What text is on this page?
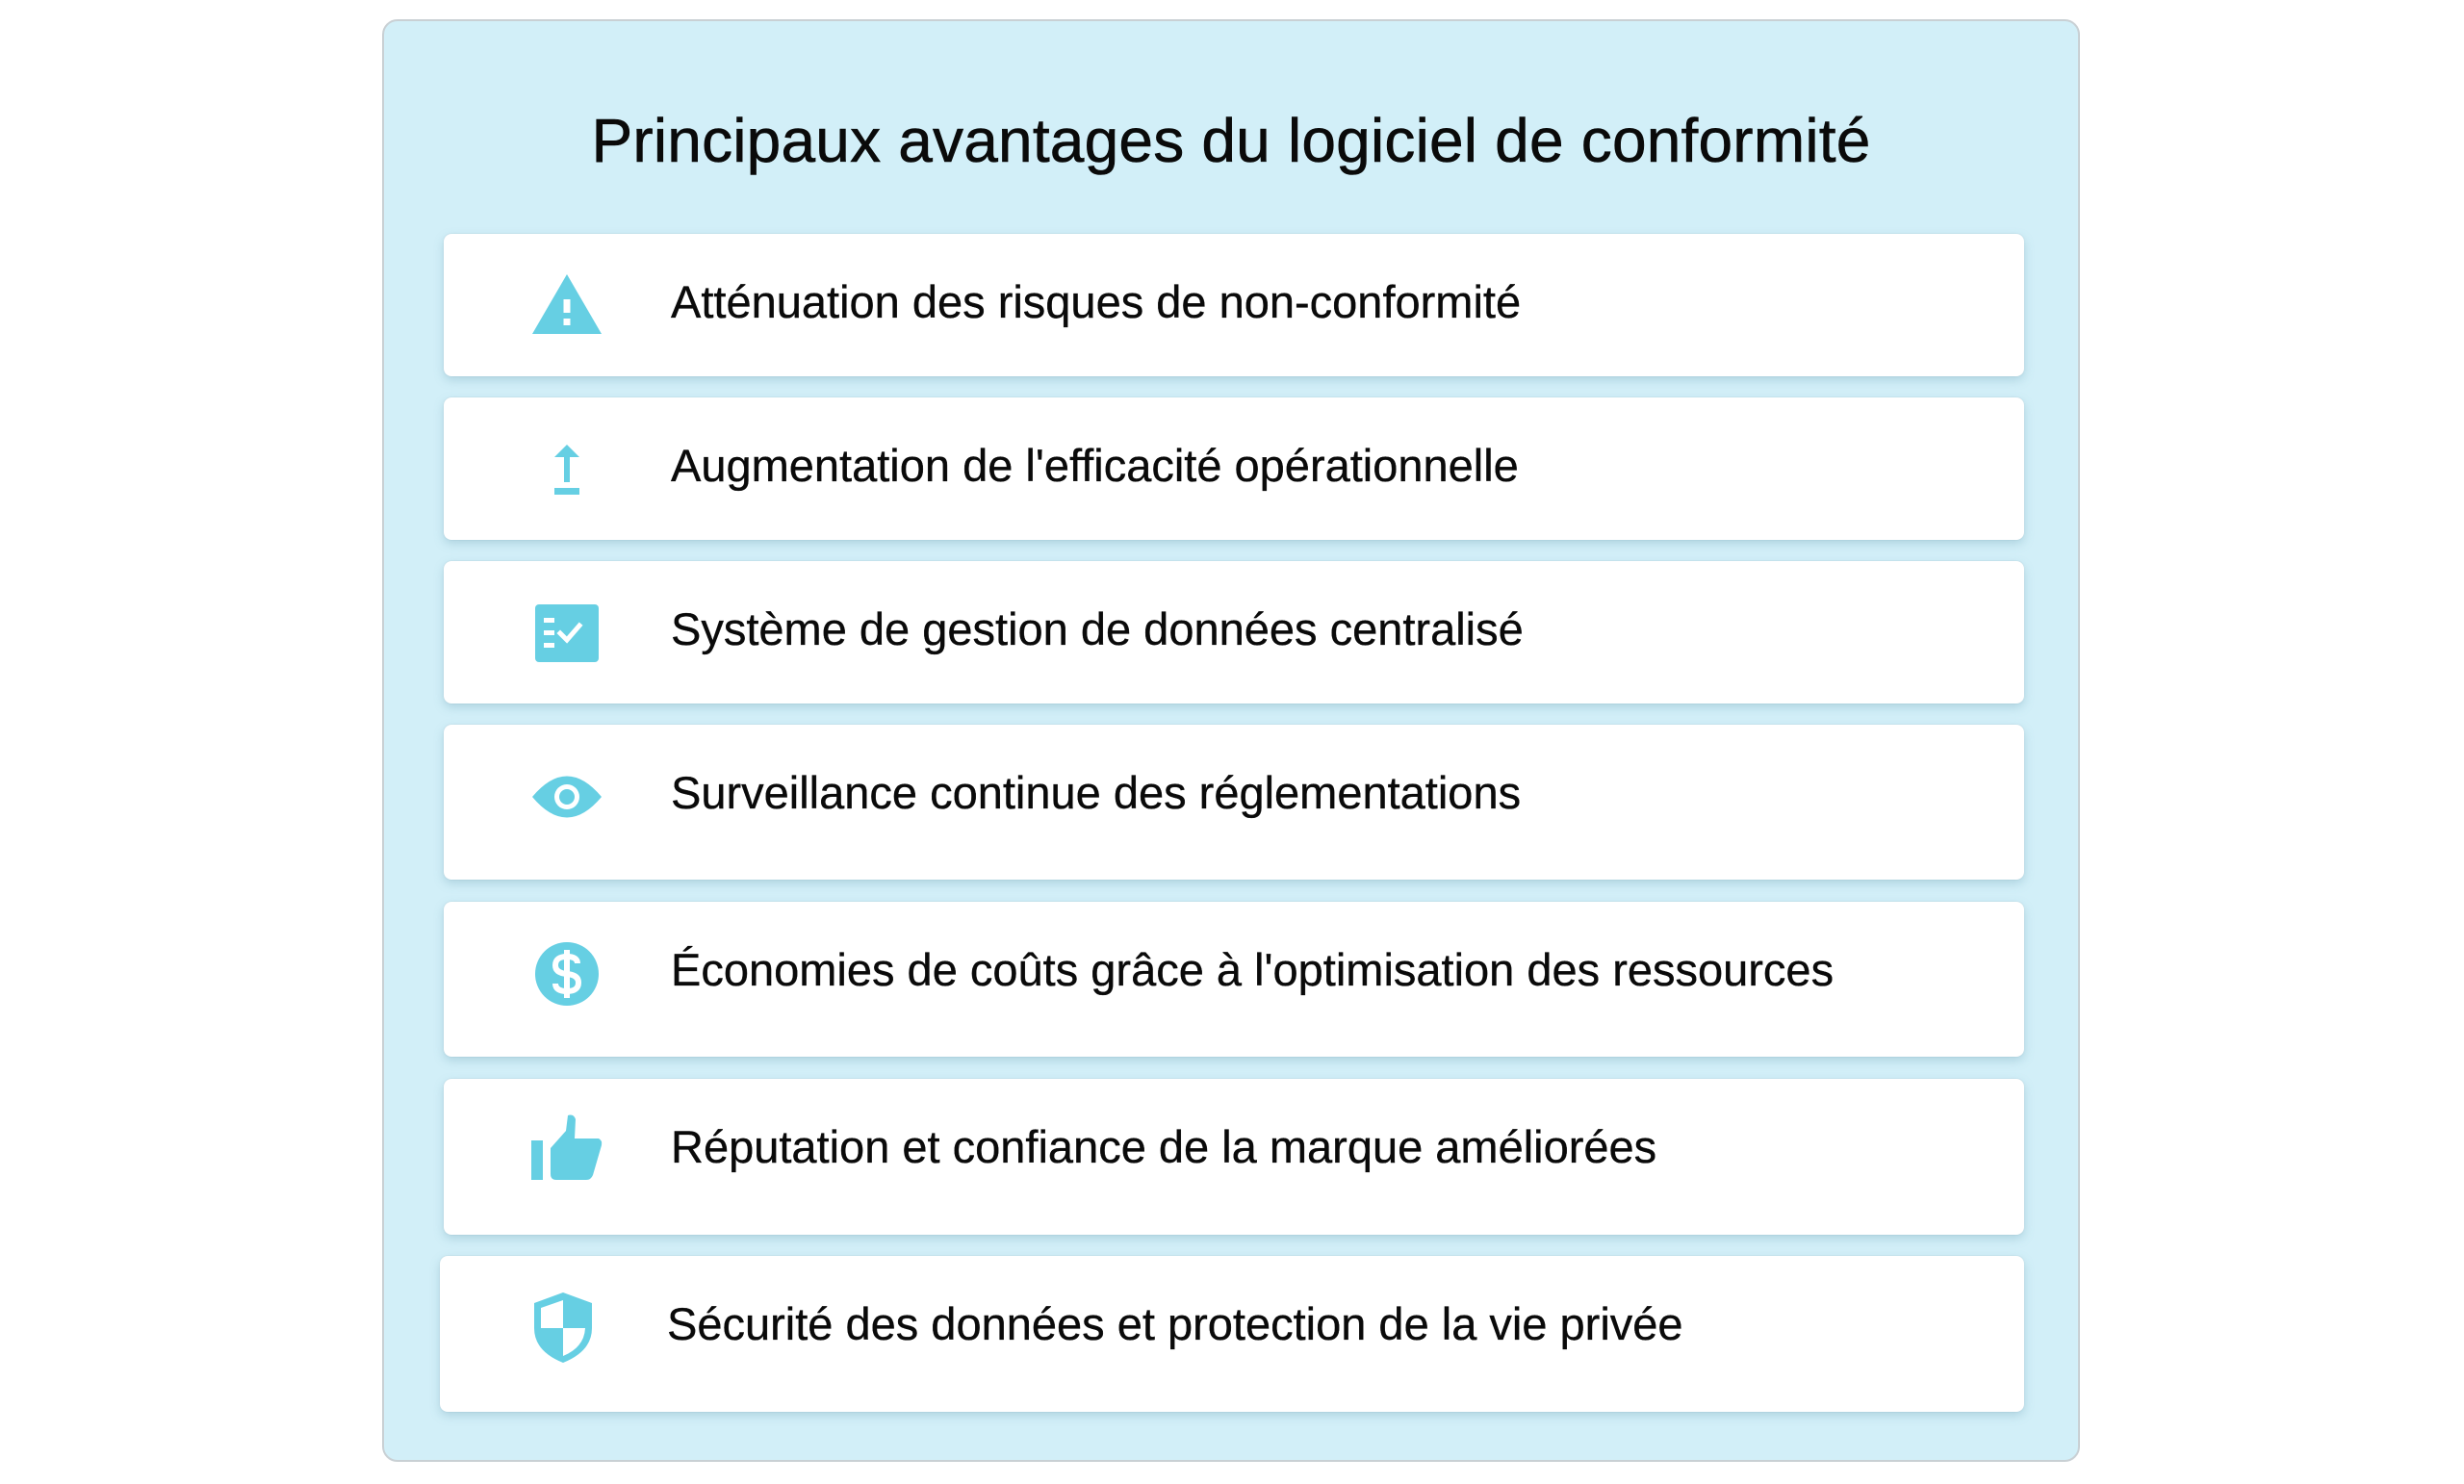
Principaux avantages du logiciel de conformité
Atténuation des risques de non-conformité
Augmentation de l'efficacité opérationnelle
Système de gestion de données centralisé
Surveillance continue des réglementations
Économies de coûts grâce à l'optimisation des ressources
Réputation et confiance de la marque améliorées
Sécurité des données et protection de la vie privée
